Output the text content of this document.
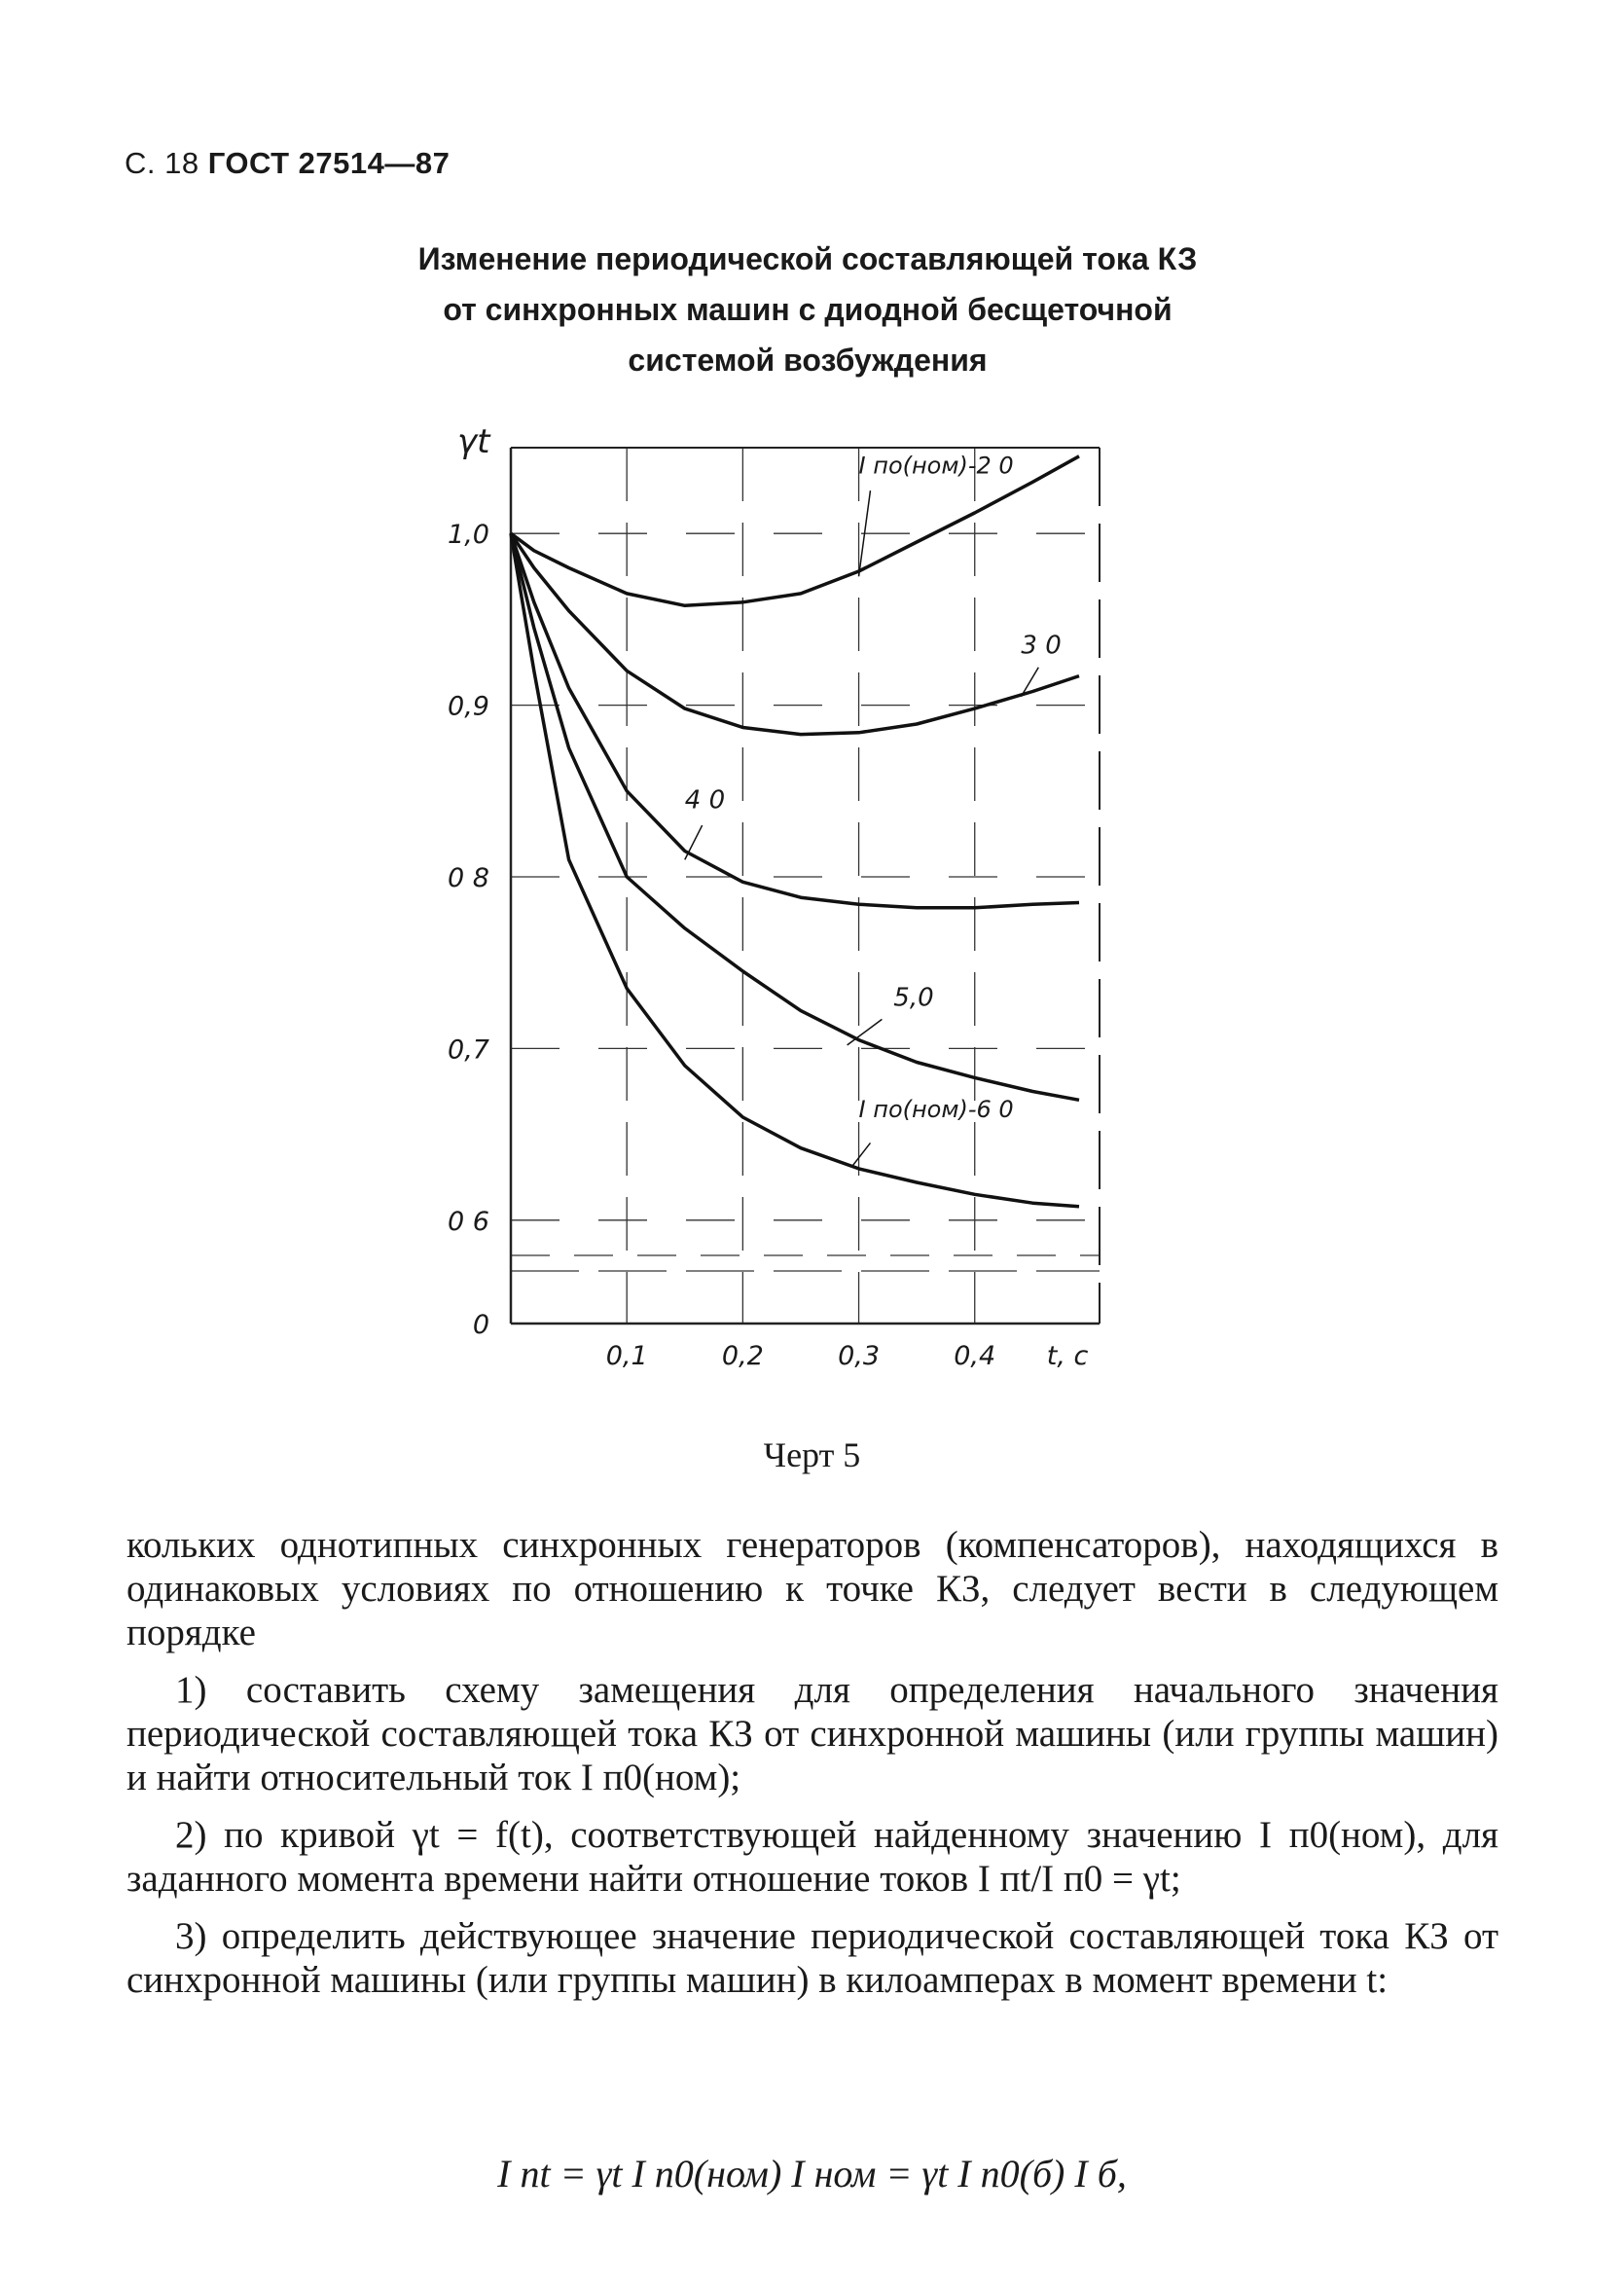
С. 18 ГОСТ 27514—87
Изменение периодической составляющей тока КЗ
от синхронных машин с диодной бесщеточной
системой возбуждения
1,0
0,9
0 8
0,7
0 6
0
γt
0,1	0,2	0,3	0,4 t, c
I по(ном)-2 0
3 0
4 0
5,0
I по(ном)-6 0
Черт 5

кольких однотипных синхронных генераторов (компенсаторов), находящихся в одинаковых условиях по отношению к точке КЗ, следует вести в следующем порядке

1) составить схему замещения для определения начального значения периодической составляющей тока КЗ от синхронной машины (или группы машин) и найти относительный ток I п0(ном);

2) по кривой γt = f(t), соответствующей найденному значению I п0(ном), для заданного момента времени найти отношение токов I пt/I п0 = γt;

3) определить действующее значение периодической составляющей тока КЗ от синхронной машины (или группы машин) в килоамперах в момент времени t:

I пt = γt I п0(ном) I ном = γt I п0(б) I б,
